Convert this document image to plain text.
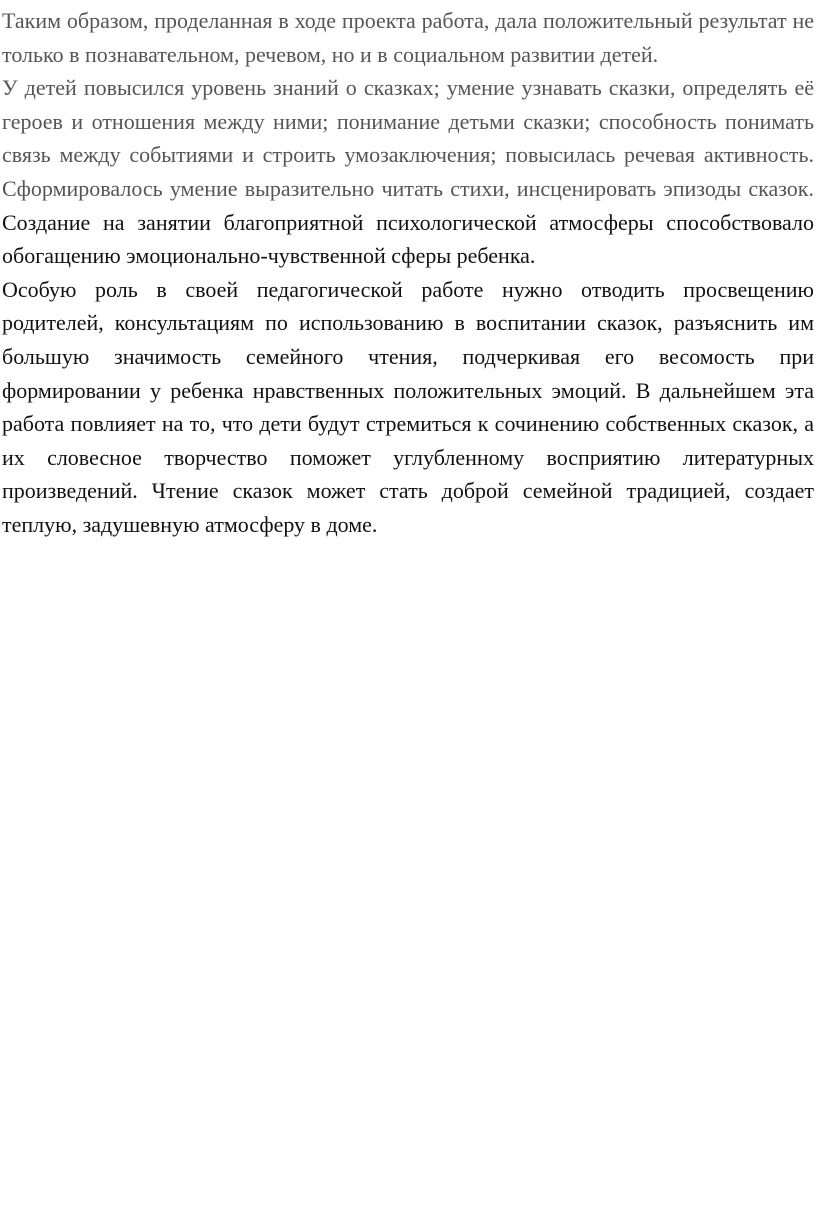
Таким образом, проделанная в ходе проекта работа, дала положительный результат не только в познавательном, речевом, но и в социальном развитии детей.

У детей повысился уровень знаний о сказках; умение узнавать сказки, определять её героев и отношения между ними; понимание детьми сказки; способность понимать связь между событиями и строить умозаключения; повысилась речевая активность. Сформировалось умение выразительно читать стихи, инсценировать эпизоды сказок. Создание на занятии благоприятной психологической атмосферы способствовало обогащению эмоционально-чувственной сферы ребенка.

Особую роль в своей педагогической работе нужно отводить просвещению родителей, консультациям по использованию в воспитании сказок, разъяснить им большую значимость семейного чтения, подчеркивая его весомость при формировании у ребенка нравственных положительных эмоций. В дальнейшем эта работа повлияет на то, что дети будут стремиться к сочинению собственных сказок, а их словесное творчество поможет углубленному восприятию литературных произведений. Чтение сказок может стать доброй семейной традицией, создает теплую, задушевную атмосферу в доме.
